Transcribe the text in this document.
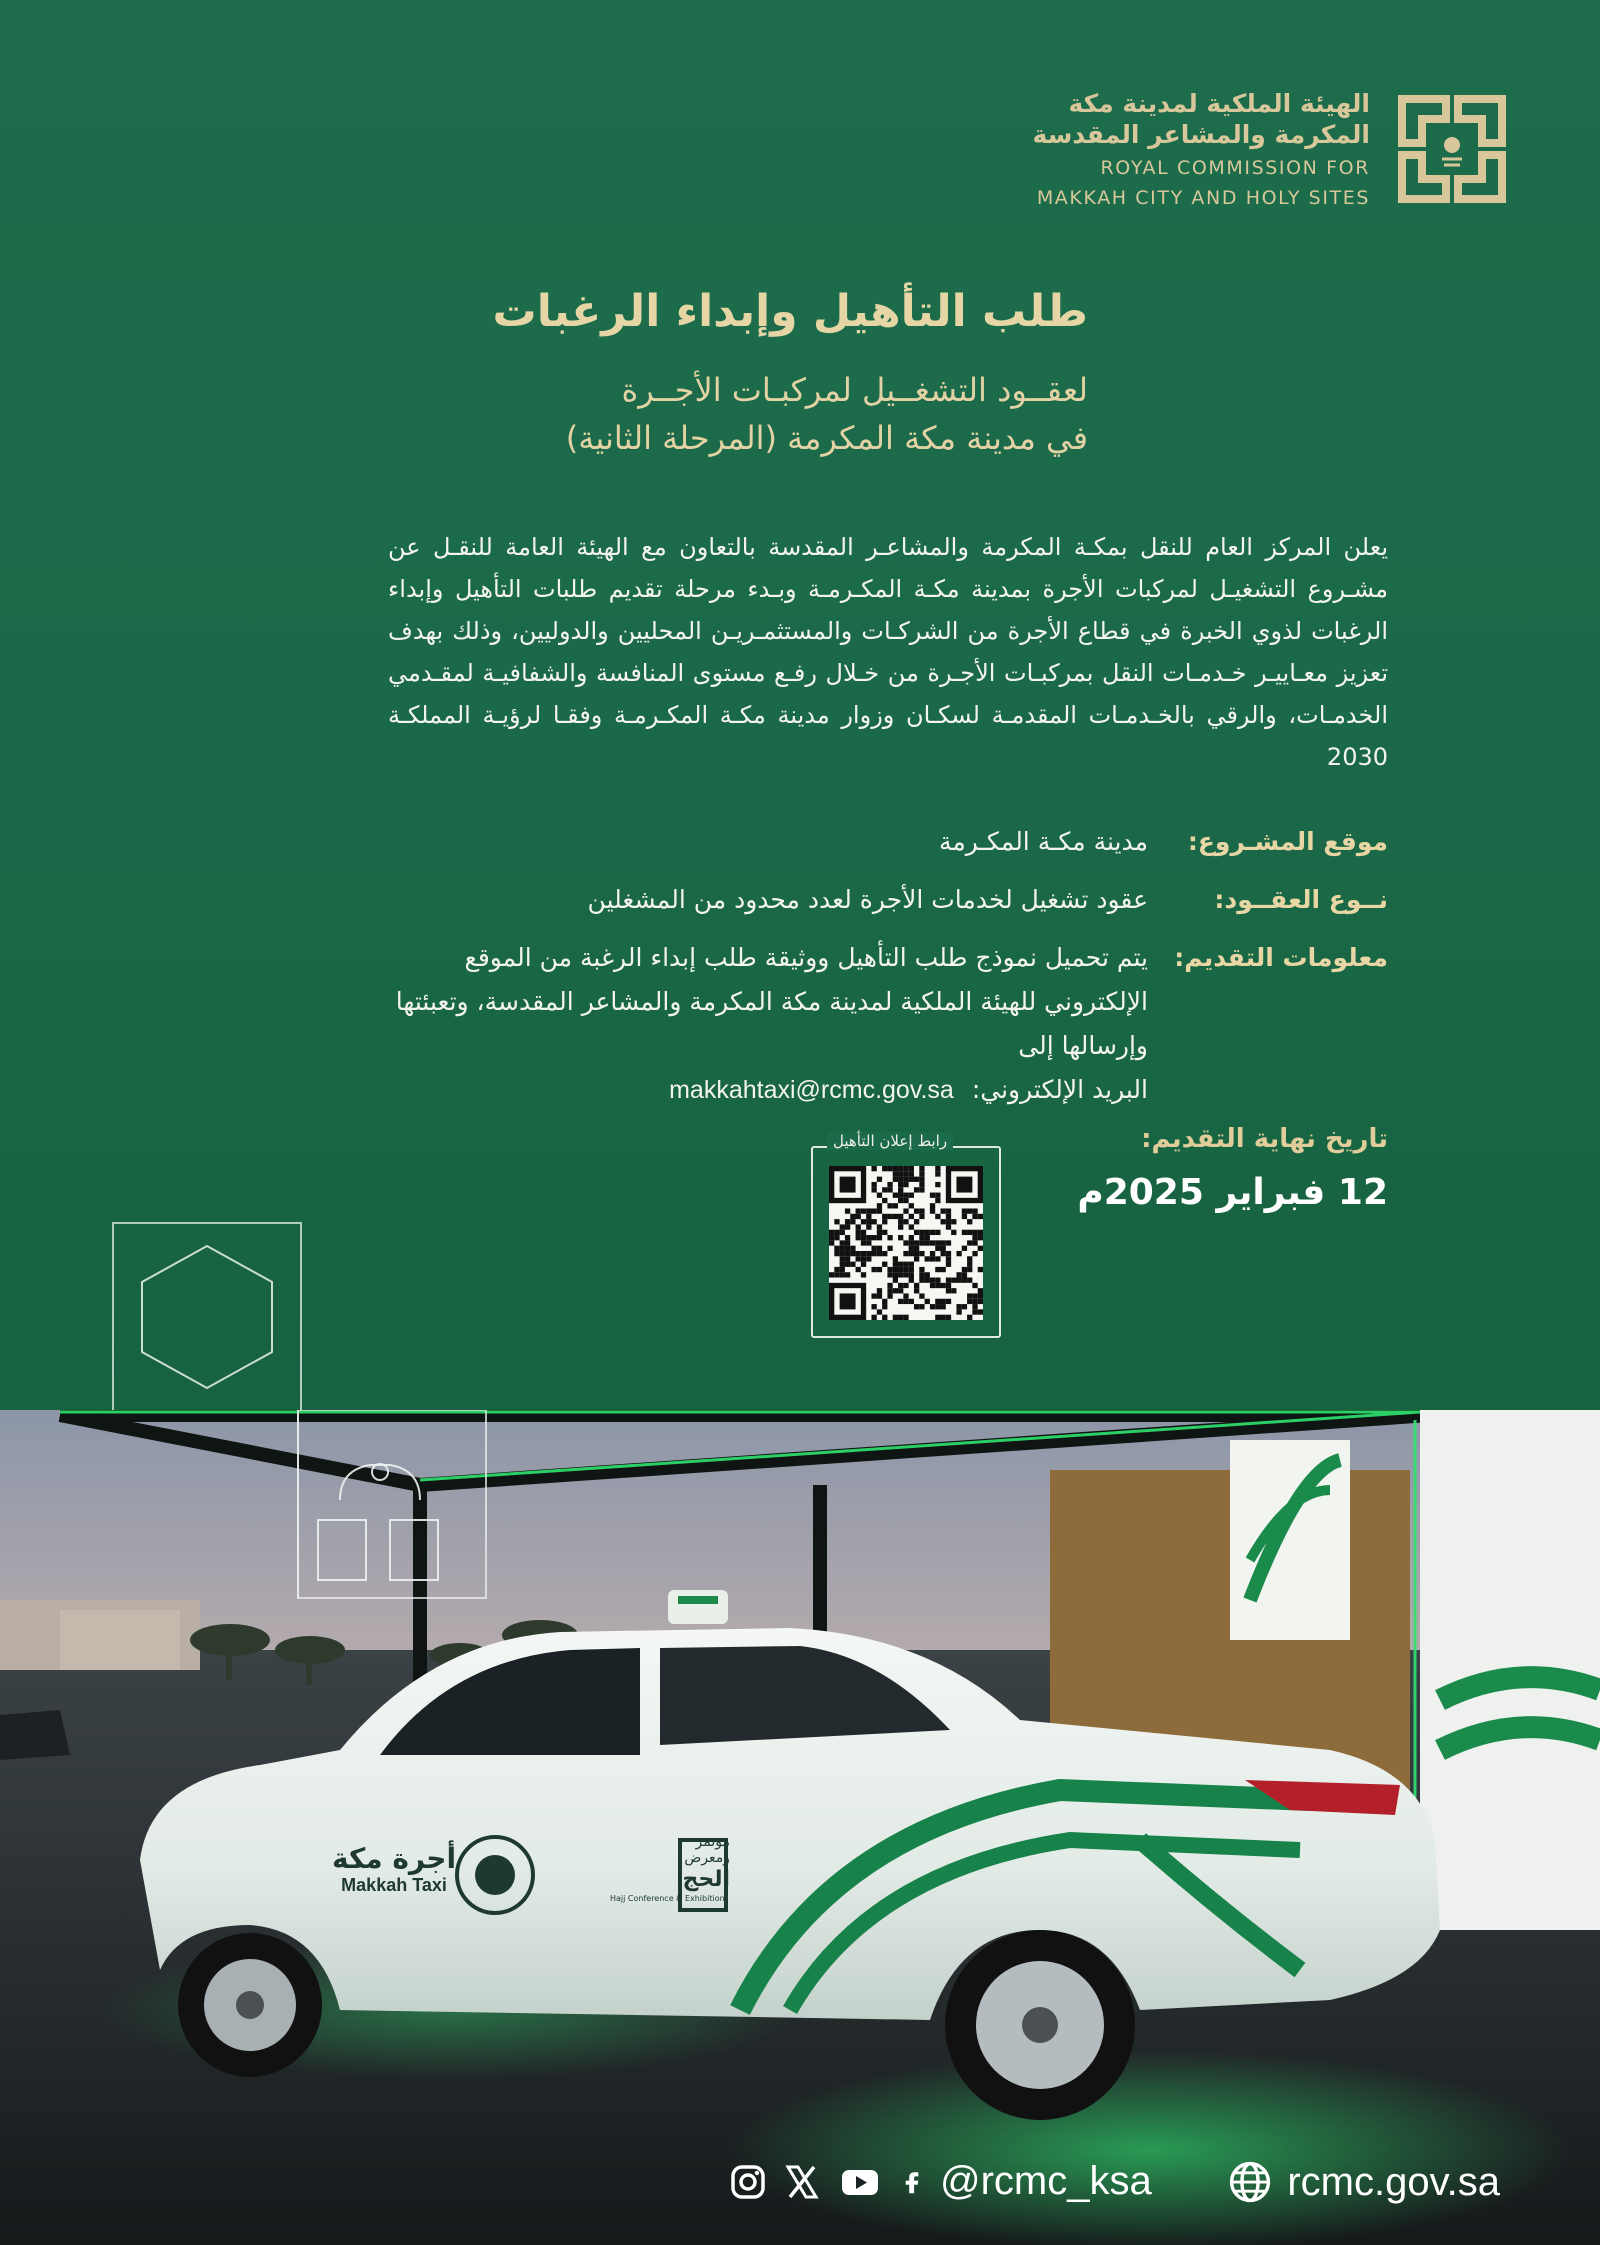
الهيئة الملكية لمدينة مكة
المكرمة والمشاعر المقدسة
ROYAL COMMISSION FOR
MAKKAH CITY AND HOLY SITES
طلب التأهيل وإبداء الرغبات
لعقــود التشغــيل لمركبـات الأجــرة
في مدينة مكة المكرمة (المرحلة الثانية)
يعلن المركز العام للنقل بمكـة المكرمة والمشاعـر المقدسة بالتعاون مع الهيئة العامة للنقـل عن مشـروع التشغيـل لمركبات الأجرة بمدينة مكـة المكـرمـة وبـدء مرحلة تقديم طلبات التأهيل وإبداء الرغبات لذوي الخبرة في قطاع الأجرة من الشركـات والمستثمـريـن المحليين والدوليين، وذلك بهدف تعزيز معـاييـر خـدمـات النقل بمركبـات الأجـرة من خـلال رفـع مستوى المنافسة والشفافيـة لمقـدمي الخدمـات، والرقي بالخـدمـات المقدمـة لسكـان وزوار مدينة مكـة المكـرمـة وفقـا لرؤيـة المملكـة 2030
موقع المشـروع:
مدينة مكـة المكـرمة
نــوع العقــود:
عقود تشغيل لخدمات الأجرة لعدد محدود من المشغلين
معلومات التقديم:
يتم تحميل نموذج طلب التأهيل ووثيقة طلب إبداء الرغبة من الموقع الإلكتروني للهيئة الملكية لمدينة مكة المكرمة والمشاعر المقدسة، وتعبئتها وإرسالها إلى
البريد الإلكتروني:
makkahtaxi@rcmc.gov.sa
تاريخ نهاية التقديم:
12 فبراير 2025م
رابط إعلان التأهيل
أجرة مكة
Makkah Taxi
مؤتمر
ومعرض
الحج
Hajj Conference & Exhibition
@rcmc_ksa	rcmc.gov.sa
